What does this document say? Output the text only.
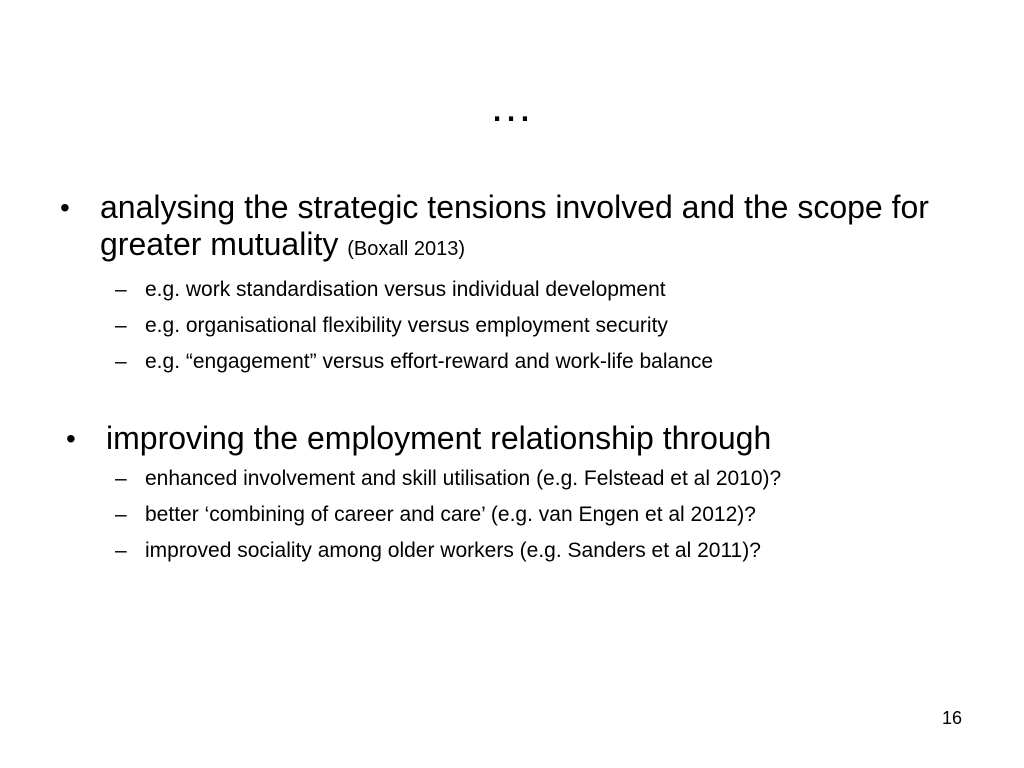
…
• analysing the strategic tensions involved and the scope for greater mutuality (Boxall 2013)
– e.g. work standardisation versus individual development
– e.g. organisational flexibility versus employment security
– e.g. “engagement” versus effort-reward and work-life balance
• improving the employment relationship through
– enhanced involvement and skill utilisation (e.g. Felstead et al 2010)?
– better ‘combining of career and care’ (e.g. van Engen et al 2012)?
– improved sociality among older workers (e.g. Sanders et al 2011)?
16
